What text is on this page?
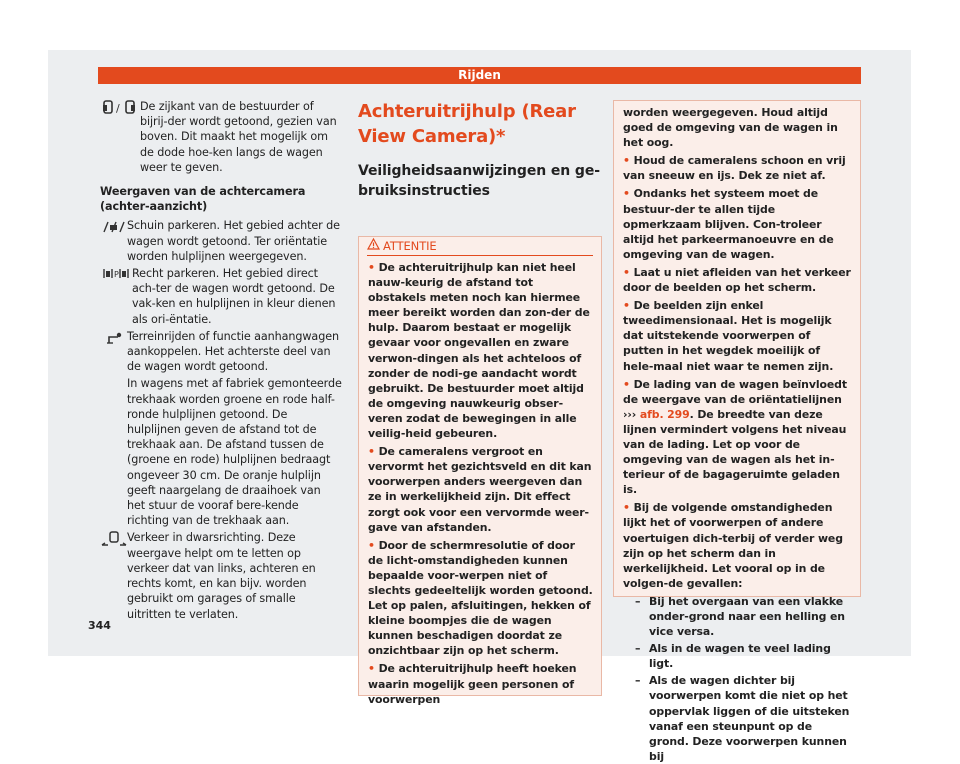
Rijden
/ De zijkant van de bestuurder of bijrij-der wordt getoond, gezien van boven. Dit maakt het mogelijk om de dode hoe-ken langs de wagen weer te geven.
Weergaven van de achtercamera (achter-aanzicht)
Schuin parkeren. Het gebied achter de wagen wordt getoond. Ter oriëntatie worden hulplijnen weergegeven.
P Recht parkeren. Het gebied direct ach-ter de wagen wordt getoond. De vak-ken en hulplijnen in kleur dienen als ori-ëntatie.
Terreinrijden of functie aanhangwagen aankoppelen. Het achterste deel van de wagen wordt getoond.
In wagens met af fabriek gemonteerde trekhaak worden groene en rode half-ronde hulplijnen getoond. De hulplijnen geven de afstand tot de trekhaak aan. De afstand tussen de (groene en rode) hulplijnen bedraagt ongeveer 30 cm. De oranje hulplijn geeft naargelang de draaihoek van het stuur de vooraf bere-kende richting van de trekhaak aan.
Verkeer in dwarsrichting. Deze weergave helpt om te letten op verkeer dat van links, achteren en rechts komt, en kan bijv. worden gebruikt om garages of smalle uitritten te verlaten.
Achteruitrijhulp (Rear View Camera)*
Veiligheidsaanwijzingen en ge-bruiksinstructies
ATTENTIE
• De achteruitrijhulp kan niet heel nauw-keurig de afstand tot obstakels meten noch kan hiermee meer bereikt worden dan zon-der de hulp. Daarom bestaat er mogelijk gevaar voor ongevallen en zware verwon-dingen als het achteloos of zonder de nodi-ge aandacht wordt gebruikt. De bestuurder moet altijd de omgeving nauwkeurig obser-veren zodat de bewegingen in alle veilig-heid gebeuren.
• De cameralens vergroot en vervormt het gezichtsveld en dit kan voorwerpen anders weergeven dan ze in werkelijkheid zijn. Dit effect zorgt ook voor een vervormde weer-gave van afstanden.
• Door de schermresolutie of door de licht-omstandigheden kunnen bepaalde voor-werpen niet of slechts gedeeltelijk worden getoond. Let op palen, afsluitingen, hekken of kleine boompjes die de wagen kunnen beschadigen doordat ze onzichtbaar zijn op het scherm.
• De achteruitrijhulp heeft hoeken waarin mogelijk geen personen of voorwerpen
worden weergegeven. Houd altijd goed de omgeving van de wagen in het oog.
• Houd de cameralens schoon en vrij van sneeuw en ijs. Dek ze niet af.
• Ondanks het systeem moet de bestuur-der te allen tijde opmerkzaam blijven. Con-troleer altijd het parkeermanoeuvre en de omgeving van de wagen.
• Laat u niet afleiden van het verkeer door de beelden op het scherm.
• De beelden zijn enkel tweedimensionaal. Het is mogelijk dat uitstekende voorwerpen of putten in het wegdek moeilijk of hele-maal niet waar te nemen zijn.
• De lading van de wagen beïnvloedt de weergave van de oriëntatielijnen ››› afb. 299. De breedte van deze lijnen vermindert volgens het niveau van de lading. Let op voor de omgeving van de wagen als het in-terieur of de bagageruimte geladen is.
• Bij de volgende omstandigheden lijkt het of voorwerpen of andere voertuigen dich-terbij of verder weg zijn op het scherm dan in werkelijkheid. Let vooral op in de volgen-de gevallen:
– Bij het overgaan van een vlakke onder-grond naar een helling en vice versa.
– Als in de wagen te veel lading ligt.
– Als de wagen dichter bij voorwerpen komt die niet op het oppervlak liggen of die uitsteken vanaf een steunpunt op de grond. Deze voorwerpen kunnen bij
344
